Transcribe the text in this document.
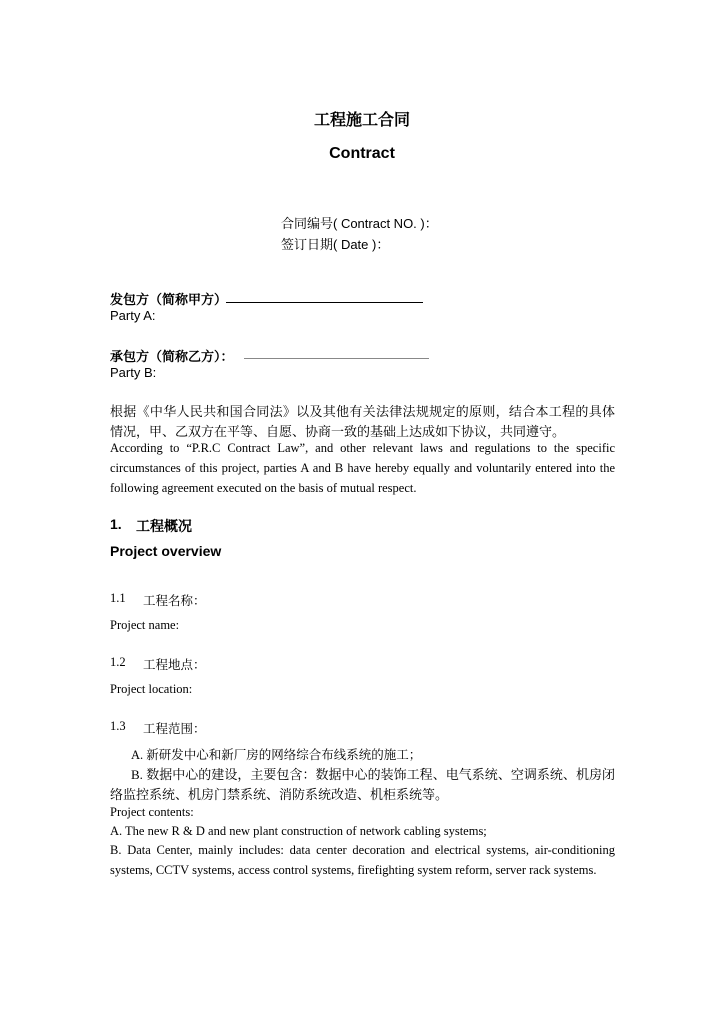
工程施工合同
Contract
合同编号( Contract NO. )：
签订日期( Date )：
发包方（简称甲方）
Party A:
承包方（简称乙方）：
Party B:
根据《中华人民共和国合同法》以及其他有关法律法规规定的原则，结合本工程的具体情况，甲、乙双方在平等、自愿、协商一致的基础上达成如下协议，共同遵守。
According to “P.R.C Contract Law”, and other relevant laws and regulations to the specific circumstances of this project, parties A and B have hereby equally and voluntarily entered into the following agreement executed on the basis of mutual respect.
1. 工程概况
Project overview
1.1 工程名称：
Project name:
1.2 工程地点：
Project location:
1.3 工程范围：
A. 新研发中心和新厂房的网络综合布线系统的施工；
B. 数据中心的建设，主要包含：数据中心的装饰工程、电气系统、空调系统、机房闭络监控系统、机房门禁系统、消防系统改造、机柜系统等。
Project contents:
A. The new R & D and new plant construction of network cabling systems;
B. Data Center, mainly includes: data center decoration and electrical systems, air-conditioning systems, CCTV systems, access control systems, firefighting system reform, server rack systems.
